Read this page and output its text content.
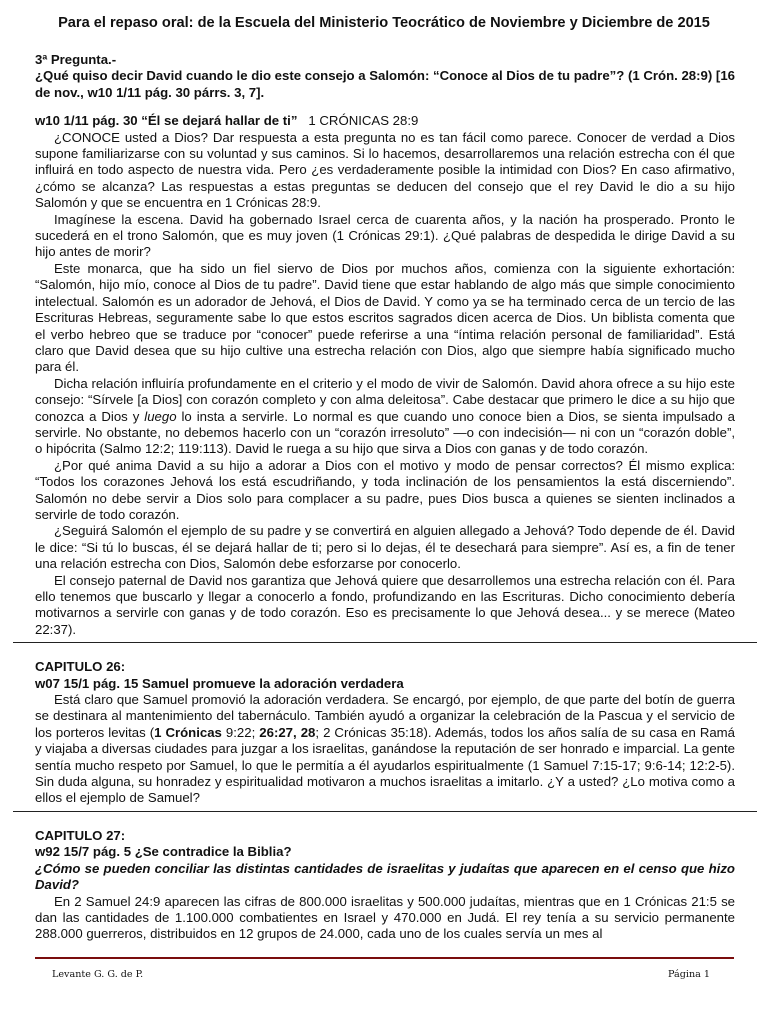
Para el repaso oral: de la Escuela del Ministerio Teocrático de Noviembre y Diciembre de 2015

3ª Pregunta.-

¿Qué quiso decir David cuando le dio este consejo a Salomón: “Conoce al Dios de tu padre”? (1 Crón. 28:9) [16 de nov., w10 1/11 pág. 30 párrs. 3, 7].

w10 1/11 pág. 30 “Él se dejará hallar de ti”   1 CRÓNICAS 28:9

¿CONOCE usted a Dios? Dar respuesta a esta pregunta no es tan fácil como parece. Conocer de verdad a Dios supone familiarizarse con su voluntad y sus caminos. Si lo hacemos, desarrollaremos una relación estrecha con él que influirá en todo aspecto de nuestra vida. Pero ¿es verdaderamente posible la intimidad con Dios? En caso afirmativo, ¿cómo se alcanza? Las respuestas a estas preguntas se deducen del consejo que el rey David le dio a su hijo Salomón y que se encuentra en 1 Crónicas 28:9.

Imagínese la escena. David ha gobernado Israel cerca de cuarenta años, y la nación ha prosperado. Pronto le sucederá en el trono Salomón, que es muy joven (1 Crónicas 29:1). ¿Qué palabras de despedida le dirige David a su hijo antes de morir?

Este monarca, que ha sido un fiel siervo de Dios por muchos años, comienza con la siguiente exhortación: “Salomón, hijo mío, conoce al Dios de tu padre”. David tiene que estar hablando de algo más que simple conocimiento intelectual. Salomón es un adorador de Jehová, el Dios de David. Y como ya se ha terminado cerca de un tercio de las Escrituras Hebreas, seguramente sabe lo que estos escritos sagrados dicen acerca de Dios. Un biblista comenta que el verbo hebreo que se traduce por “conocer” puede referirse a una “íntima relación personal de familiaridad”. Está claro que David desea que su hijo cultive una estrecha relación con Dios, algo que siempre había significado mucho para él.

Dicha relación influiría profundamente en el criterio y el modo de vivir de Salomón. David ahora ofrece a su hijo este consejo: “Sírvele [a Dios] con corazón completo y con alma deleitosa”. Cabe destacar que primero le dice a su hijo que conozca a Dios y luego lo insta a servirle. Lo normal es que cuando uno conoce bien a Dios, se sienta impulsado a servirle. No obstante, no debemos hacerlo con un “corazón irresoluto” —o con indecisión— ni con un “corazón doble”, o hipócrita (Salmo 12:2; 119:113). David le ruega a su hijo que sirva a Dios con ganas y de todo corazón.

¿Por qué anima David a su hijo a adorar a Dios con el motivo y modo de pensar correctos? Él mismo explica: “Todos los corazones Jehová los está escudriñando, y toda inclinación de los pensamientos la está discerniendo”. Salomón no debe servir a Dios solo para complacer a su padre, pues Dios busca a quienes se sienten inclinados a servirle de todo corazón.

¿Seguirá Salomón el ejemplo de su padre y se convertirá en alguien allegado a Jehová? Todo depende de él. David le dice: “Si tú lo buscas, él se dejará hallar de ti; pero si lo dejas, él te desechará para siempre”. Así es, a fin de tener una relación estrecha con Dios, Salomón debe esforzarse por conocerlo.

El consejo paternal de David nos garantiza que Jehová quiere que desarrollemos una estrecha relación con él. Para ello tenemos que buscarlo y llegar a conocerlo a fondo, profundizando en las Escrituras. Dicho conocimiento debería motivarnos a servirle con ganas y de todo corazón. Eso es precisamente lo que Jehová desea... y se merece (Mateo 22:37).

CAPITULO 26:

w07 15/1 pág. 15 Samuel promueve la adoración verdadera

Está claro que Samuel promovió la adoración verdadera. Se encargó, por ejemplo, de que parte del botín de guerra se destinara al mantenimiento del tabernáculo. También ayudó a organizar la celebración de la Pascua y el servicio de los porteros levitas (1 Crónicas 9:22; 26:27, 28; 2 Crónicas 35:18). Además, todos los años salía de su casa en Ramá y viajaba a diversas ciudades para juzgar a los israelitas, ganándose la reputación de ser honrado e imparcial. La gente sentía mucho respeto por Samuel, lo que le permitía a él ayudarlos espiritualmente (1 Samuel 7:15-17; 9:6-14; 12:2-5). Sin duda alguna, su honradez y espiritualidad motivaron a muchos israelitas a imitarlo. ¿Y a usted? ¿Lo motiva como a ellos el ejemplo de Samuel?

CAPITULO 27:

w92 15/7 pág. 5 ¿Se contradice la Biblia?

¿Cómo se pueden conciliar las distintas cantidades de israelitas y judaítas que aparecen en el censo que hizo David?

En 2 Samuel 24:9 aparecen las cifras de 800.000 israelitas y 500.000 judaítas, mientras que en 1 Crónicas 21:5 se dan las cantidades de 1.100.000 combatientes en Israel y 470.000 en Judá. El rey tenía a su servicio permanente 288.000 guerreros, distribuidos en 12 grupos de 24.000, cada uno de los cuales servía un mes al

Levante G. G. de P.	Página 1
